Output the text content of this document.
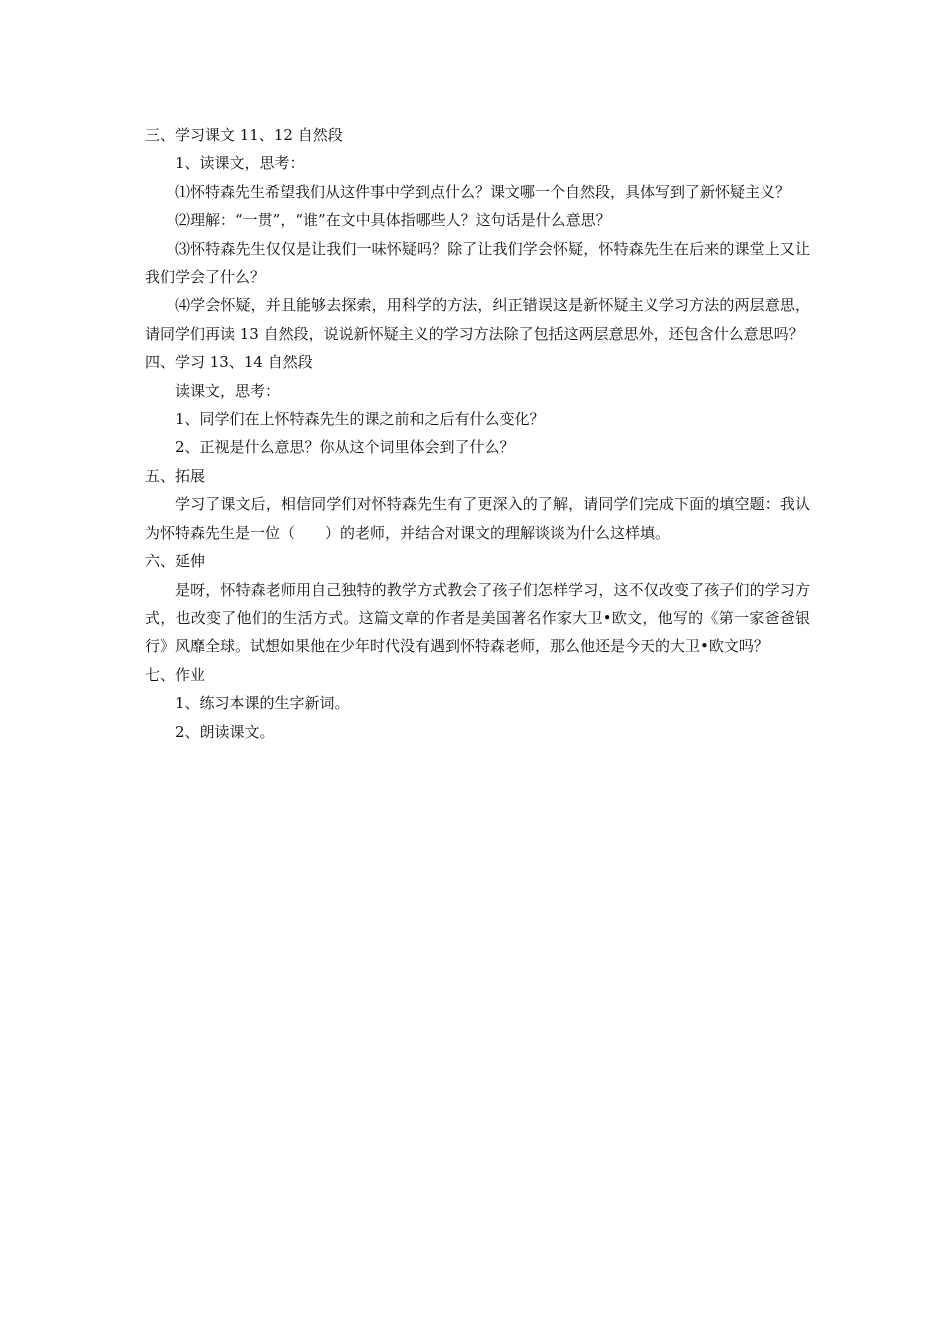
三、学习课文 11、12 自然段

1、读课文，思考：

⑴怀特森先生希望我们从这件事中学到点什么？课文哪一个自然段，具体写到了新怀疑主义？

⑵理解：“一贯”，“谁”在文中具体指哪些人？这句话是什么意思？

⑶怀特森先生仅仅是让我们一味怀疑吗？除了让我们学会怀疑，怀特森先生在后来的课堂上又让我们学会了什么？

⑷学会怀疑，并且能够去探索，用科学的方法，纠正错误这是新怀疑主义学习方法的两层意思，请同学们再读 13 自然段，说说新怀疑主义的学习方法除了包括这两层意思外，还包含什么意思吗？

四、学习 13、14 自然段

读课文，思考：

1、同学们在上怀特森先生的课之前和之后有什么变化？

2、正视是什么意思？你从这个词里体会到了什么？

五、拓展

学习了课文后，相信同学们对怀特森先生有了更深入的了解，请同学们完成下面的填空题：我认为怀特森先生是一位（　　）的老师，并结合对课文的理解谈谈为什么这样填。

六、延伸

是呀，怀特森老师用自己独特的教学方式教会了孩子们怎样学习，这不仅改变了孩子们的学习方式，也改变了他们的生活方式。这篇文章的作者是美国著名作家大卫•欧文，他写的《第一家爸爸银行》风靡全球。试想如果他在少年时代没有遇到怀特森老师，那么他还是今天的大卫•欧文吗？

七、作业

1、练习本课的生字新词。

2、朗读课文。
